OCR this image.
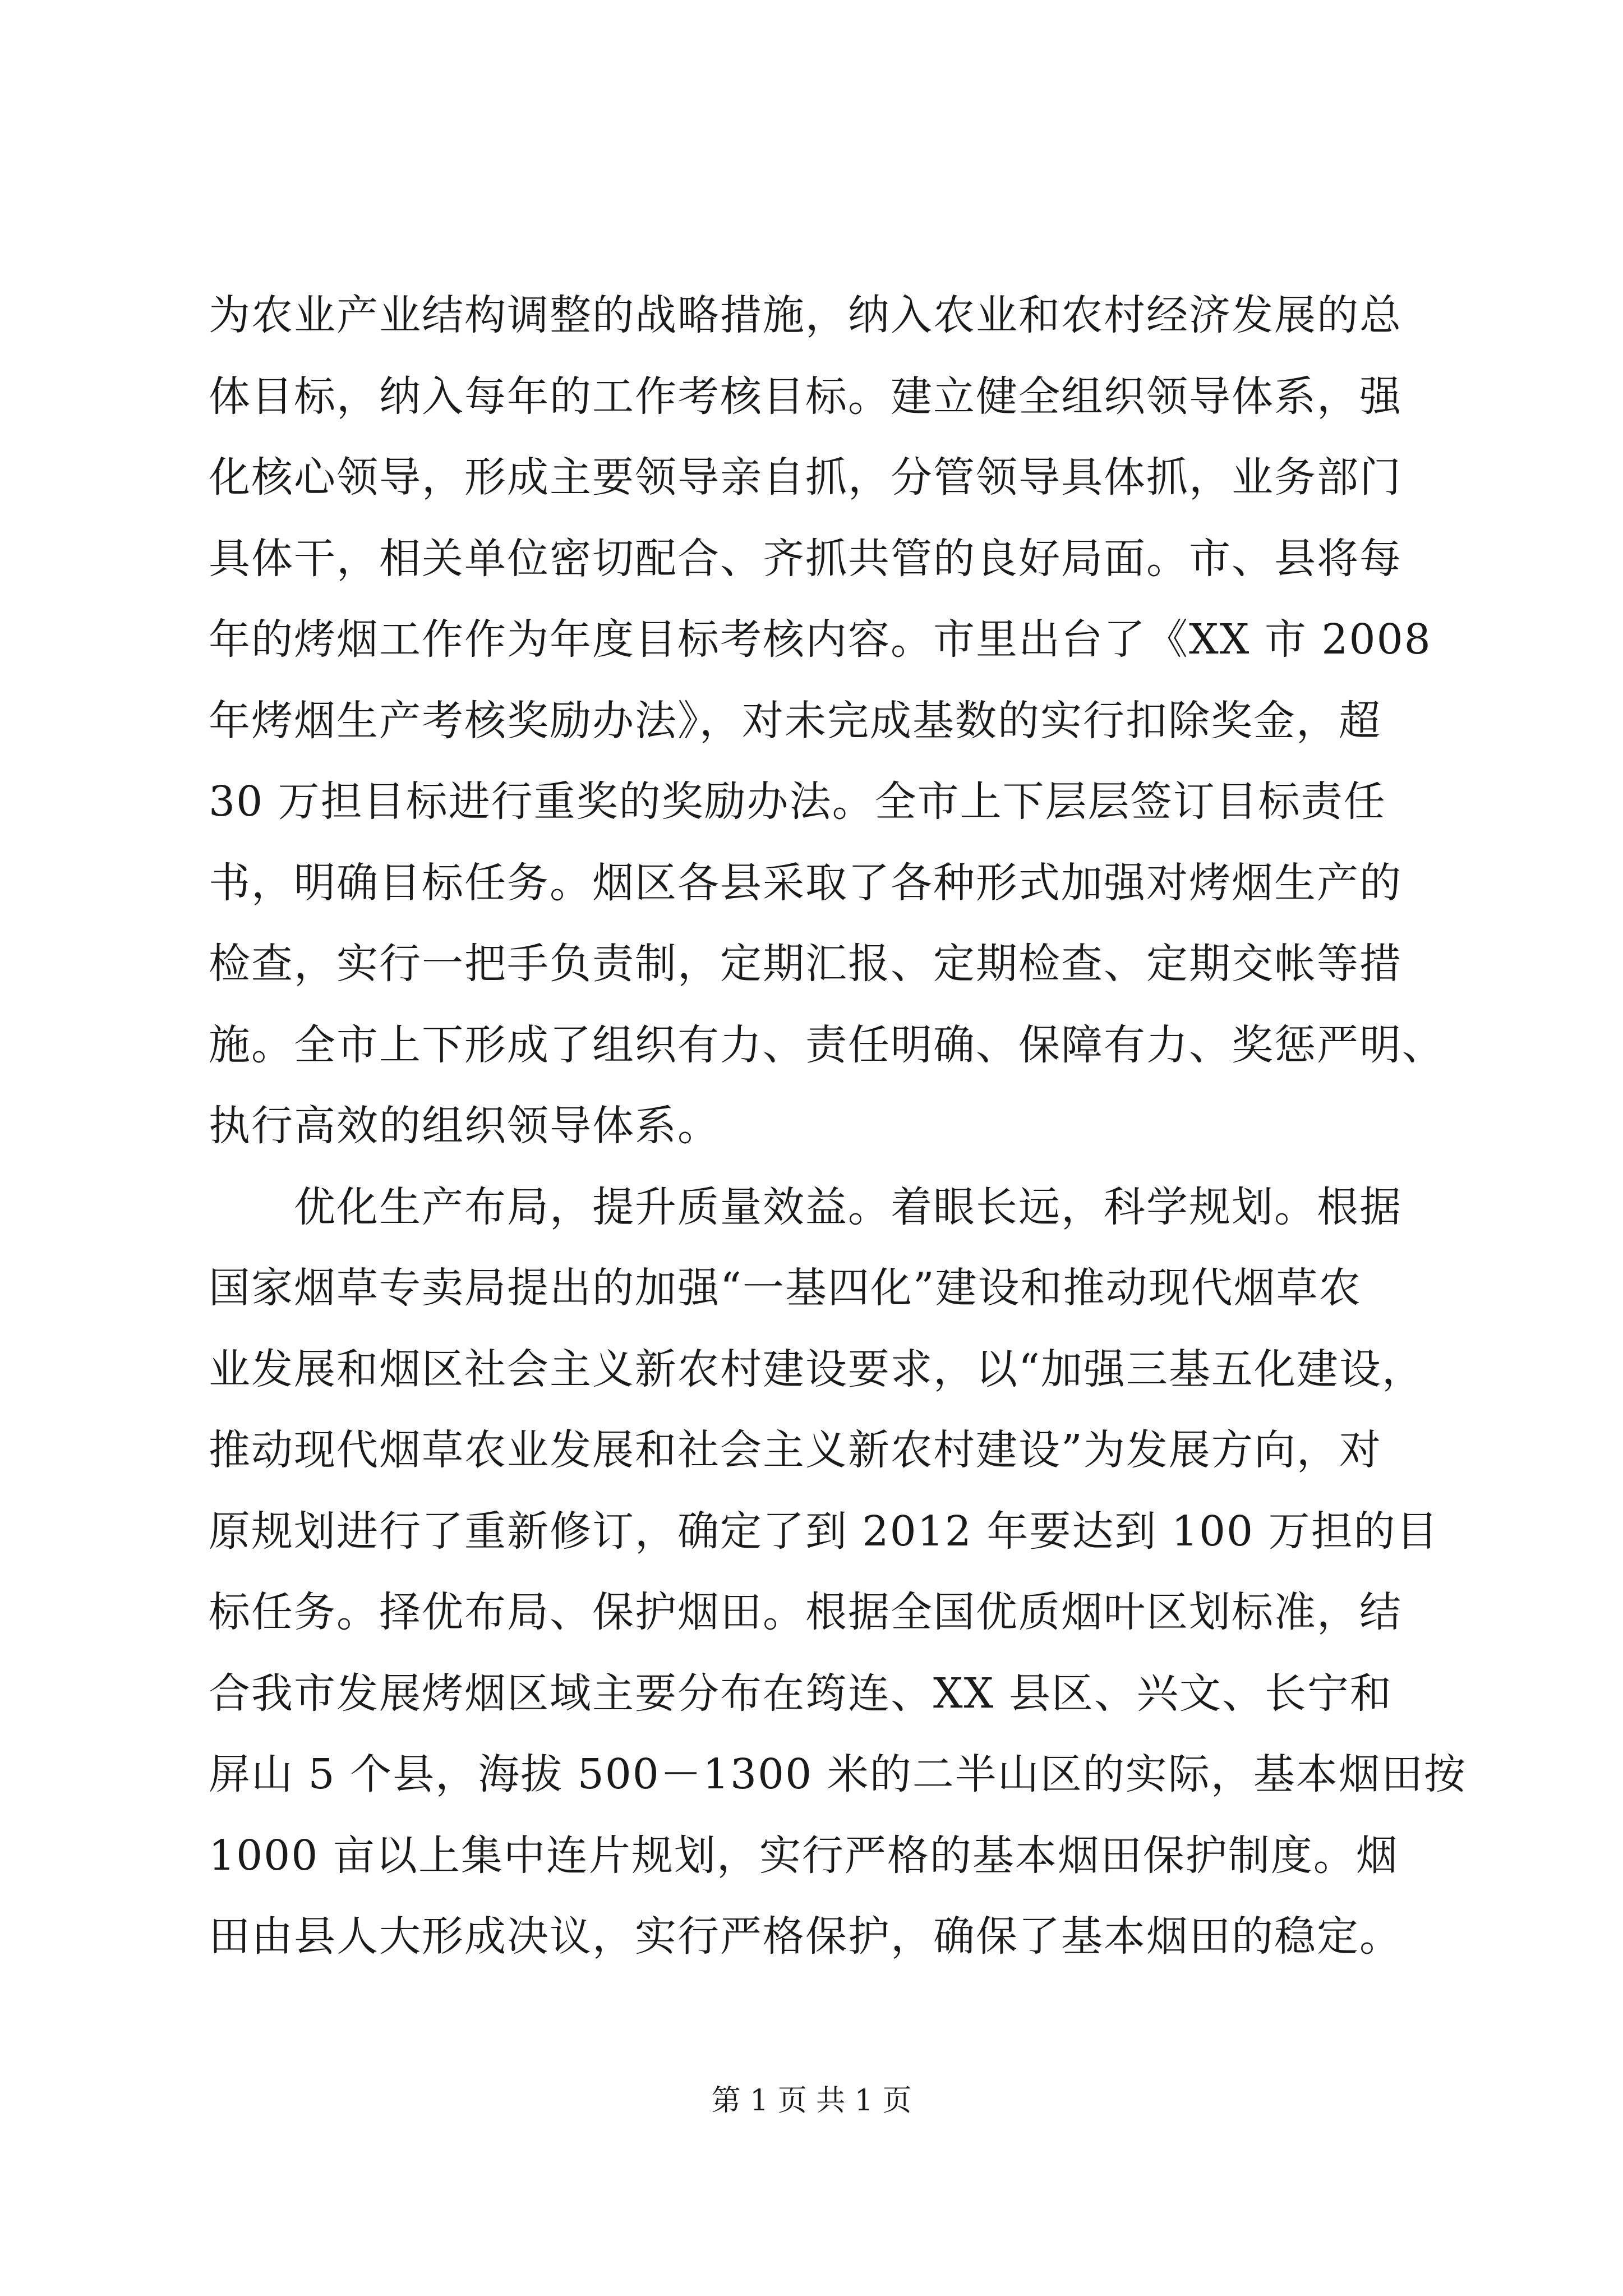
为农业产业结构调整的战略措施，纳入农业和农村经济发展的总
体目标，纳入每年的工作考核目标。建立健全组织领导体系，强
化核心领导，形成主要领导亲自抓，分管领导具体抓，业务部门
具体干，相关单位密切配合、齐抓共管的良好局面。市、县将每
年的烤烟工作作为年度目标考核内容。市里出台了《XX 市 2008
年烤烟生产考核奖励办法》，对未完成基数的实行扣除奖金，超
30 万担目标进行重奖的奖励办法。全市上下层层签订目标责任
书，明确目标任务。烟区各县采取了各种形式加强对烤烟生产的
检查，实行一把手负责制，定期汇报、定期检查、定期交帐等措
施。全市上下形成了组织有力、责任明确、保障有力、奖惩严明、
执行高效的组织领导体系。
　　优化生产布局，提升质量效益。着眼长远，科学规划。根据
国家烟草专卖局提出的加强“一基四化”建设和推动现代烟草农
业发展和烟区社会主义新农村建设要求，以“加强三基五化建设，
推动现代烟草农业发展和社会主义新农村建设”为发展方向，对
原规划进行了重新修订，确定了到 2012 年要达到 100 万担的目
标任务。择优布局、保护烟田。根据全国优质烟叶区划标准，结
合我市发展烤烟区域主要分布在筠连、XX 县区、兴文、长宁和
屏山 5 个县，海拔 500－1300 米的二半山区的实际，基本烟田按
1000 亩以上集中连片规划，实行严格的基本烟田保护制度。烟
田由县人大形成决议，实行严格保护，确保了基本烟田的稳定。
第 1 页 共 1 页
